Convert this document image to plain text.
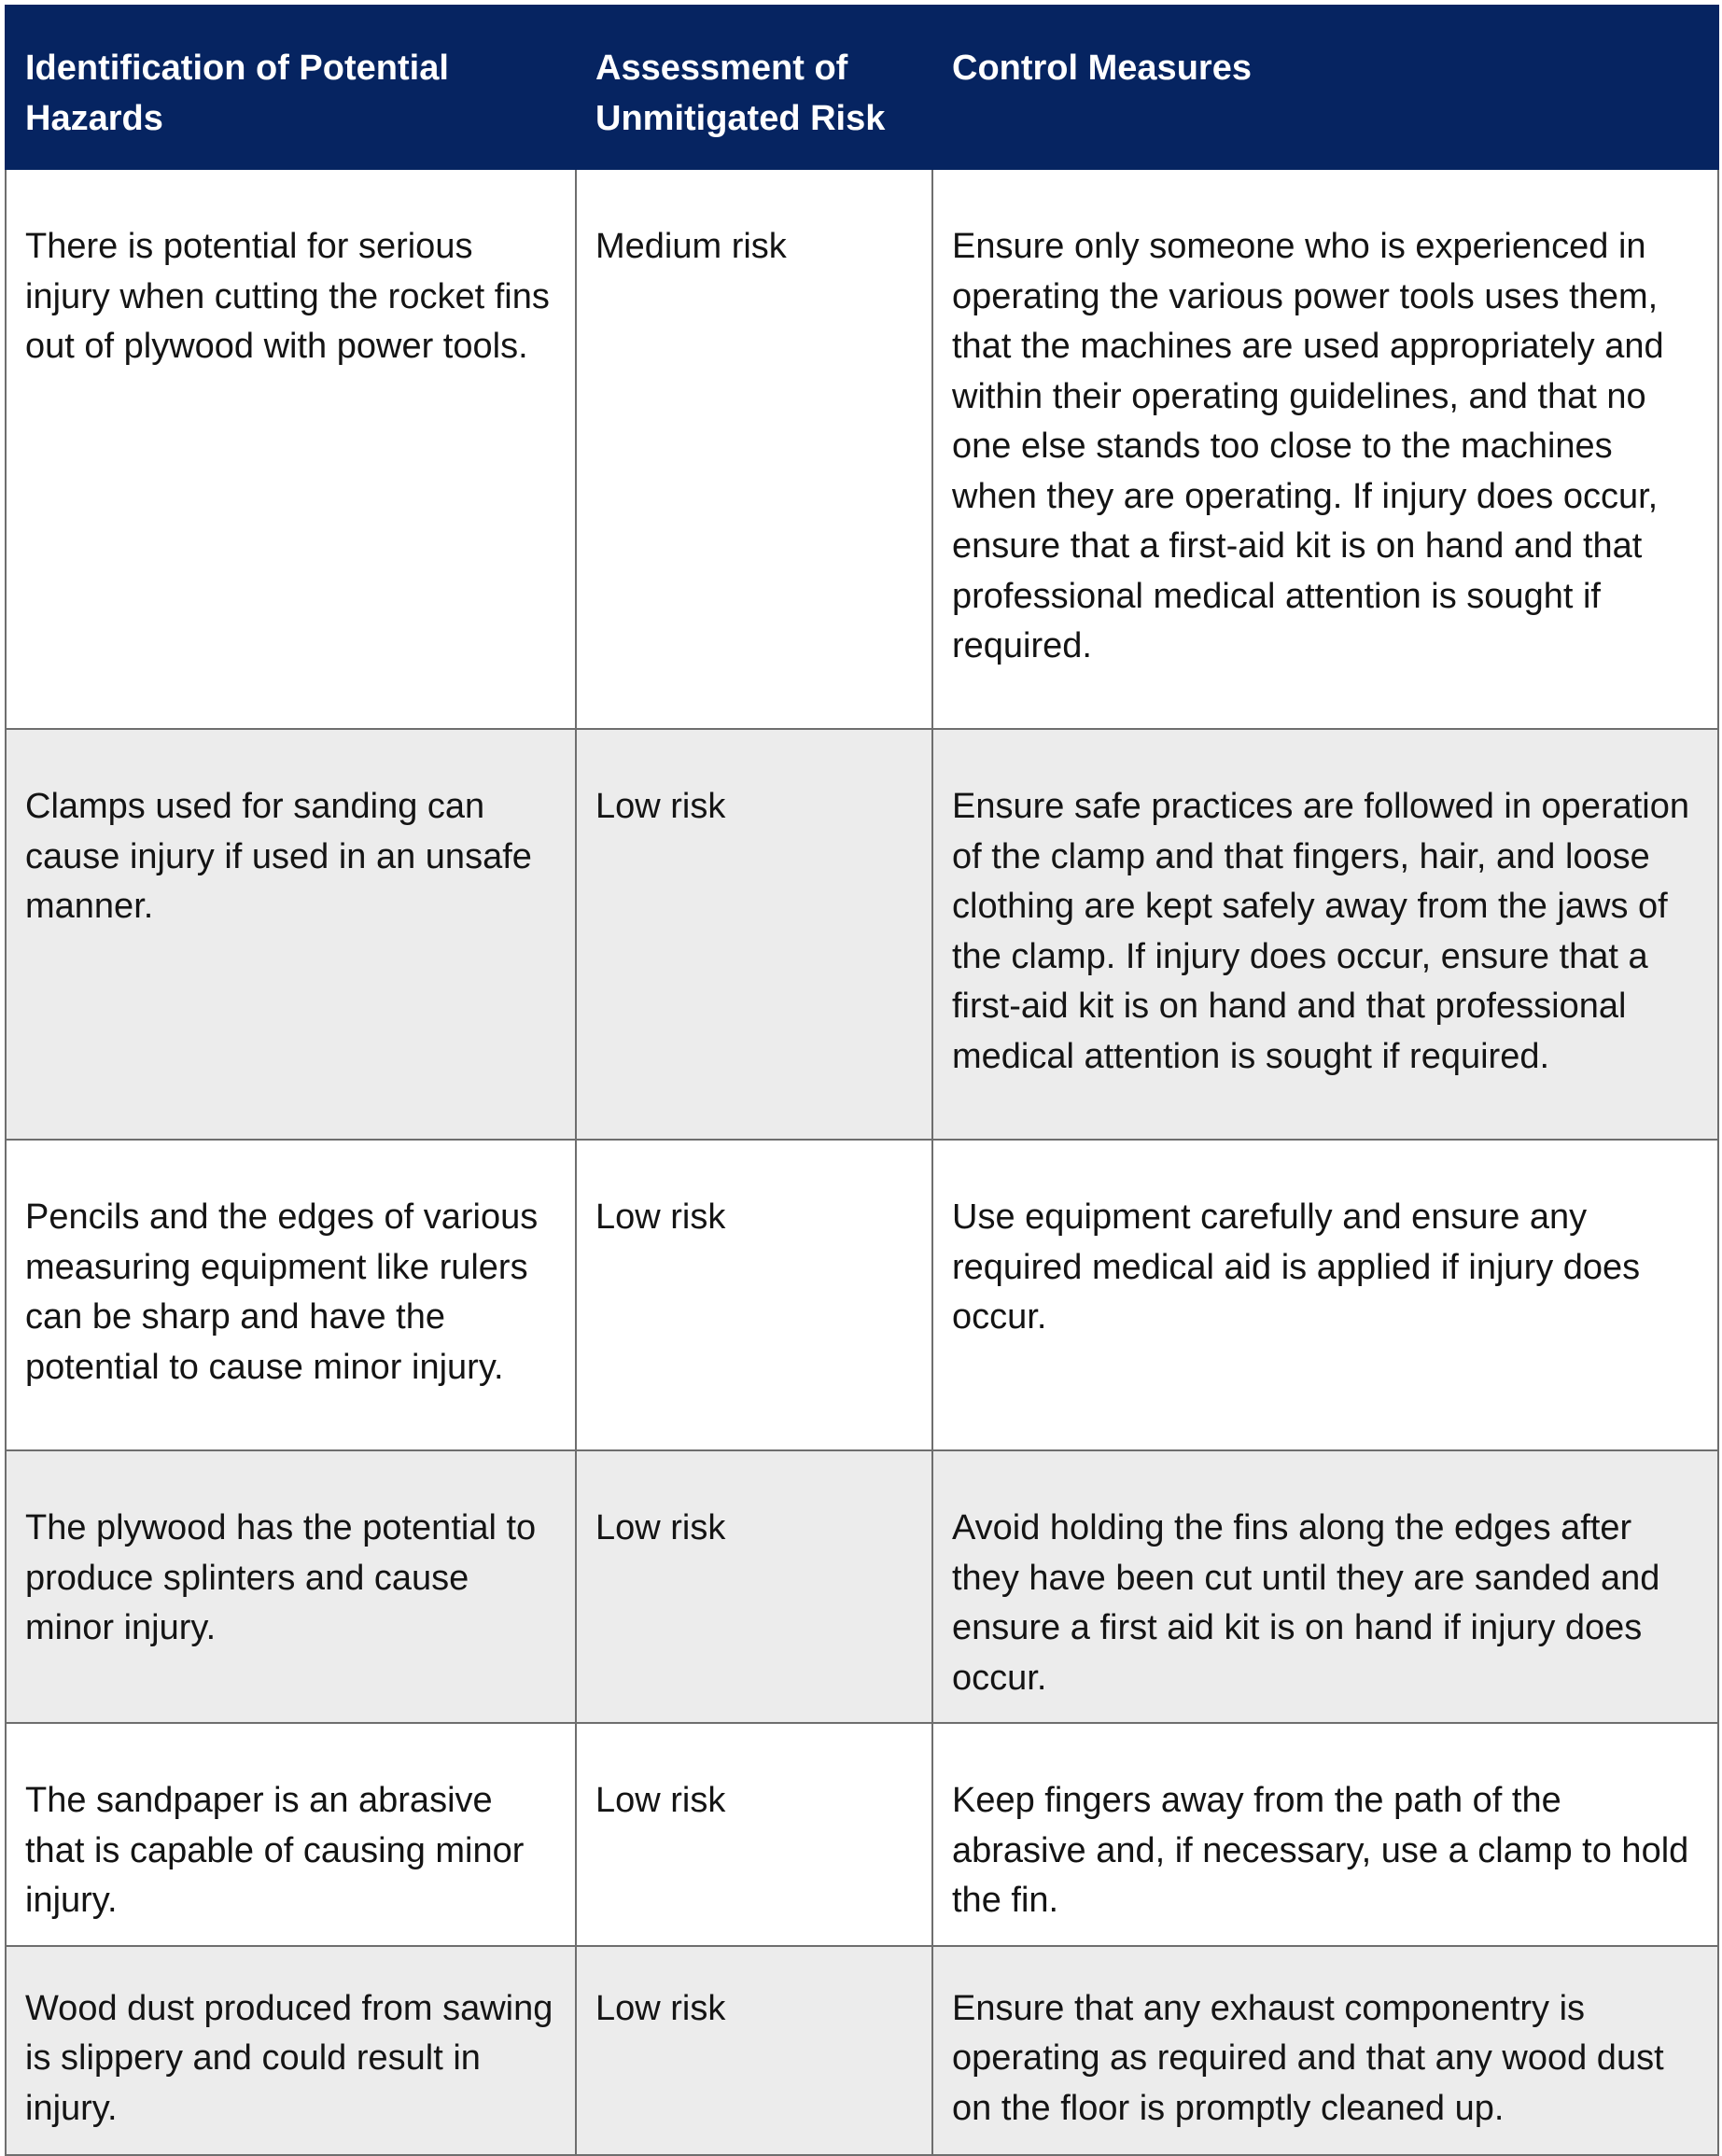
Identification of Potential Hazards	Assessment of Unmitigated Risk	Control Measures
There is potential for serious injury when cutting the rocket fins out of plywood with power tools.	Medium risk	Ensure only someone who is experienced in operating the various power tools uses them, that the machines are used appropriately and within their operating guidelines, and that no one else stands too close to the machines when they are operating. If injury does occur, ensure that a first-aid kit is on hand and that professional medical attention is sought if required.
Clamps used for sanding can cause injury if used in an unsafe manner.	Low risk	Ensure safe practices are followed in operation of the clamp and that fingers, hair, and loose clothing are kept safely away from the jaws of the clamp. If injury does occur, ensure that a first-aid kit is on hand and that professional medical attention is sought if required.
Pencils and the edges of various measuring equipment like rulers can be sharp and have the potential to cause minor injury.	Low risk	Use equipment carefully and ensure any required medical aid is applied if injury does occur.
The plywood has the potential to produce splinters and cause minor injury.	Low risk	Avoid holding the fins along the edges after they have been cut until they are sanded and ensure a first aid kit is on hand if injury does occur.
The sandpaper is an abrasive that is capable of causing minor injury.	Low risk	Keep fingers away from the path of the abrasive and, if necessary, use a clamp to hold the fin.
Wood dust produced from sawing is slippery and could result in injury.	Low risk	Ensure that any exhaust componentry is operating as required and that any wood dust on the floor is promptly cleaned up.
